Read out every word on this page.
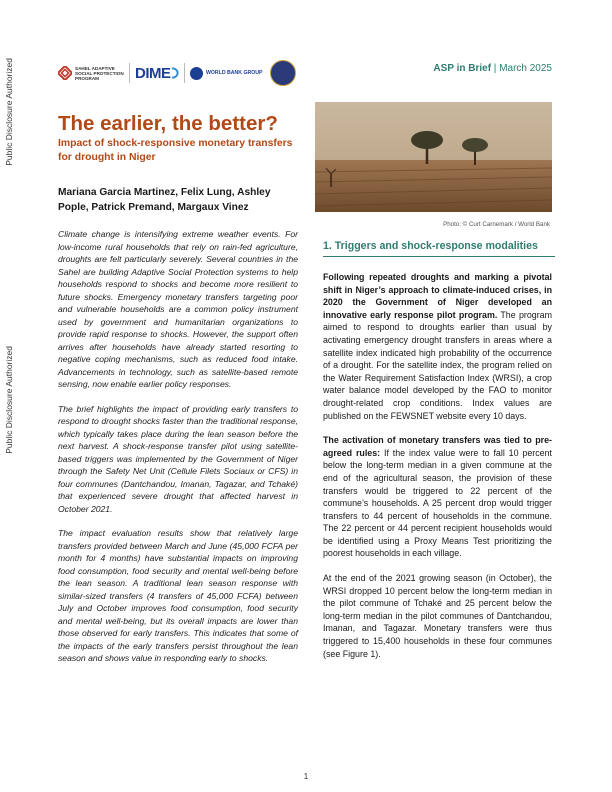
Public Disclosure Authorized
Public Disclosure Authorized
SAHEL ADAPTIVE SOCIAL PROTECTION PROGRAM	DIME	WORLD BANK GROUP	ASP in Brief | March 2025
The earlier, the better?
Impact of shock-responsive monetary transfers for drought in Niger
Photo: © Curt Carnemark / World Bank

Mariana Garcia Martinez, Felix Lung, Ashley Pople, Patrick Premand, Margaux Vinez

Climate change is intensifying extreme weather events. For low-income rural households that rely on rain-fed agriculture, droughts are felt particularly severely. Several countries in the Sahel are building Adaptive Social Protection systems to help households respond to shocks and become more resilient to future shocks. Emergency monetary transfers targeting poor and vulnerable households are a common policy instrument used by government and humanitarian organizations to provide rapid response to shocks. However, the support often arrives after households have already started resorting to negative coping mechanisms, such as reduced food intake. Advancements in technology, such as satellite-based remote sensing, now enable earlier policy responses.

The brief highlights the impact of providing early transfers to respond to drought shocks faster than the traditional response, which typically takes place during the lean season before the next harvest. A shock-response transfer pilot using satellite-based triggers was implemented by the Government of Niger through the Safety Net Unit (Cellule Filets Sociaux or CFS) in four communes (Dantchandou, Imanan, Tagazar, and Tchaké) that experienced severe drought that affected harvest in October 2021.

The impact evaluation results show that relatively large transfers provided between March and June (45,000 FCFA per month for 4 months) have substantial impacts on improving food consumption, food security and mental well-being before the lean season. A traditional lean season response with similar-sized transfers (4 transfers of 45,000 FCFA) between July and October improves food consumption, food security and mental well-being, but its overall impacts are lower than those observed for early transfers. This indicates that some of the impacts of the early transfers persist throughout the lean season and shows value in responding early to shocks.

1. Triggers and shock-response modalities

Following repeated droughts and marking a pivotal shift in Niger’s approach to climate-induced crises, in 2020 the Government of Niger developed an innovative early response pilot program. The program aimed to respond to droughts earlier than usual by activating emergency drought transfers in areas where a satellite index indicated high probability of the occurrence of a drought. For the satellite index, the program relied on the Water Requirement Satisfaction Index (WRSI), a crop water balance model developed by the FAO to monitor drought-related crop conditions. Index values are published on the FEWSNET website every 10 days.

The activation of monetary transfers was tied to pre-agreed rules: If the index value were to fall 10 percent below the long-term median in a given commune at the end of the agricultural season, the provision of these transfers would be triggered to 22 percent of the commune’s households. A 25 percent drop would trigger transfers to 44 percent of households in the commune. The 22 percent or 44 percent recipient households would be identified using a Proxy Means Test prioritizing the poorest households in each village.

At the end of the 2021 growing season (in October), the WRSI dropped 10 percent below the long-term median in the pilot commune of Tchaké and 25 percent below the long-term median in the pilot communes of Dantchandou, Imanan, and Tagazar. Monetary transfers were thus triggered to 15,400 households in these four communes (see Figure 1).

1
